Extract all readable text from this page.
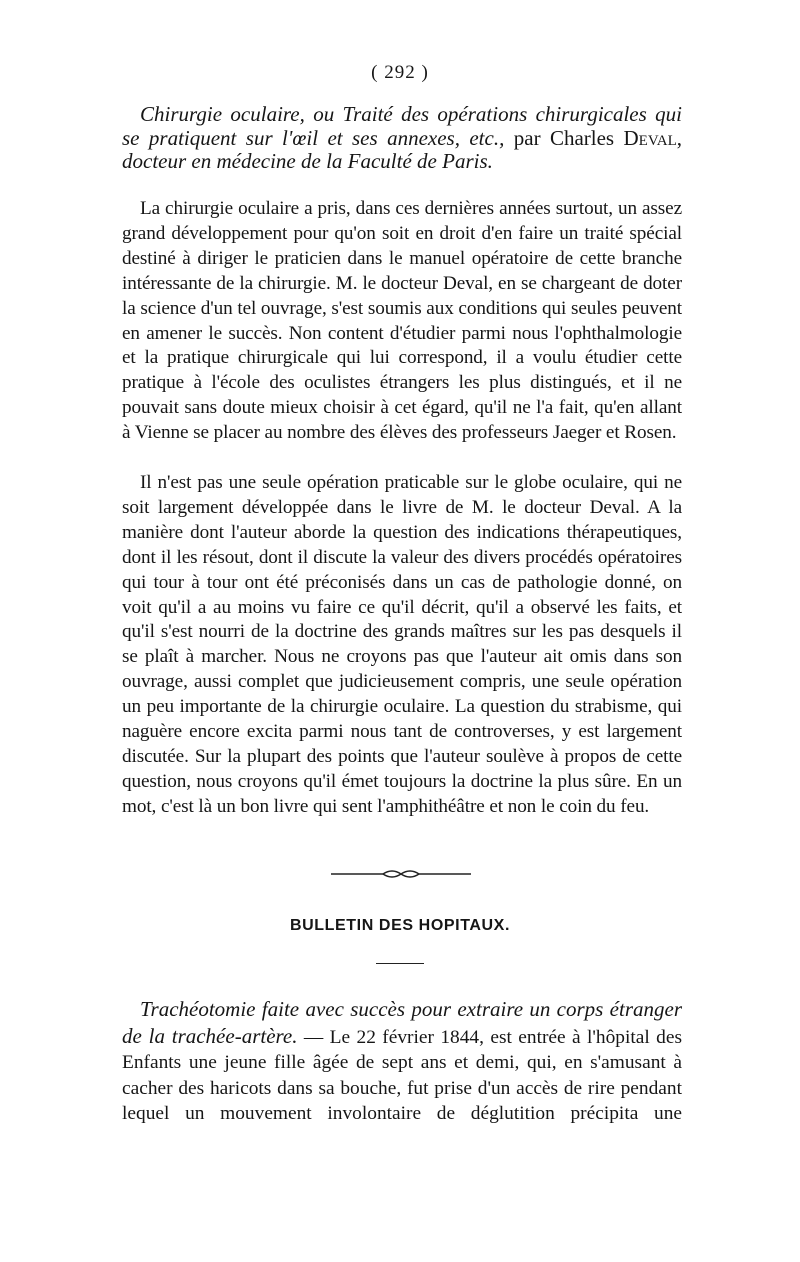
( 292 )
Chirurgie oculaire, ou Traité des opérations chirurgicales qui se pratiquent sur l'œil et ses annexes, etc., par Charles Deval, docteur en médecine de la Faculté de Paris.

La chirurgie oculaire a pris, dans ces dernières années surtout, un assez grand développement pour qu'on soit en droit d'en faire un traité spécial destiné à diriger le praticien dans le manuel opératoire de cette branche intéressante de la chirurgie. M. le docteur Deval, en se chargeant de doter la science d'un tel ouvrage, s'est soumis aux conditions qui seules peuvent en amener le succès. Non content d'étudier parmi nous l'ophthalmologie et la pratique chirurgicale qui lui correspond, il a voulu étudier cette pratique à l'école des oculistes étrangers les plus distingués, et il ne pouvait sans doute mieux choisir à cet égard, qu'il ne l'a fait, qu'en allant à Vienne se placer au nombre des élèves des professeurs Jaeger et Rosen.

Il n'est pas une seule opération praticable sur le globe oculaire, qui ne soit largement développée dans le livre de M. le docteur Deval. A la manière dont l'auteur aborde la question des indications thérapeutiques, dont il les résout, dont il discute la valeur des divers procédés opératoires qui tour à tour ont été préconisés dans un cas de pathologie donné, on voit qu'il a au moins vu faire ce qu'il décrit, qu'il a observé les faits, et qu'il s'est nourri de la doctrine des grands maîtres sur les pas desquels il se plaît à marcher. Nous ne croyons pas que l'auteur ait omis dans son ouvrage, aussi complet que judicieusement compris, une seule opération un peu importante de la chirurgie oculaire. La question du strabisme, qui naguère encore excita parmi nous tant de controverses, y est largement discutée. Sur la plupart des points que l'auteur soulève à propos de cette question, nous croyons qu'il émet toujours la doctrine la plus sûre. En un mot, c'est là un bon livre qui sent l'amphithéâtre et non le coin du feu.

BULLETIN DES HOPITAUX.
Trachéotomie faite avec succès pour extraire un corps étranger de la trachée-artère. — Le 22 février 1844, est entrée à l'hôpital des Enfants une jeune fille âgée de sept ans et demi, qui, en s'amusant à cacher des haricots dans sa bouche, fut prise d'un accès de rire pendant lequel un mouvement involontaire de déglutition précipita une
